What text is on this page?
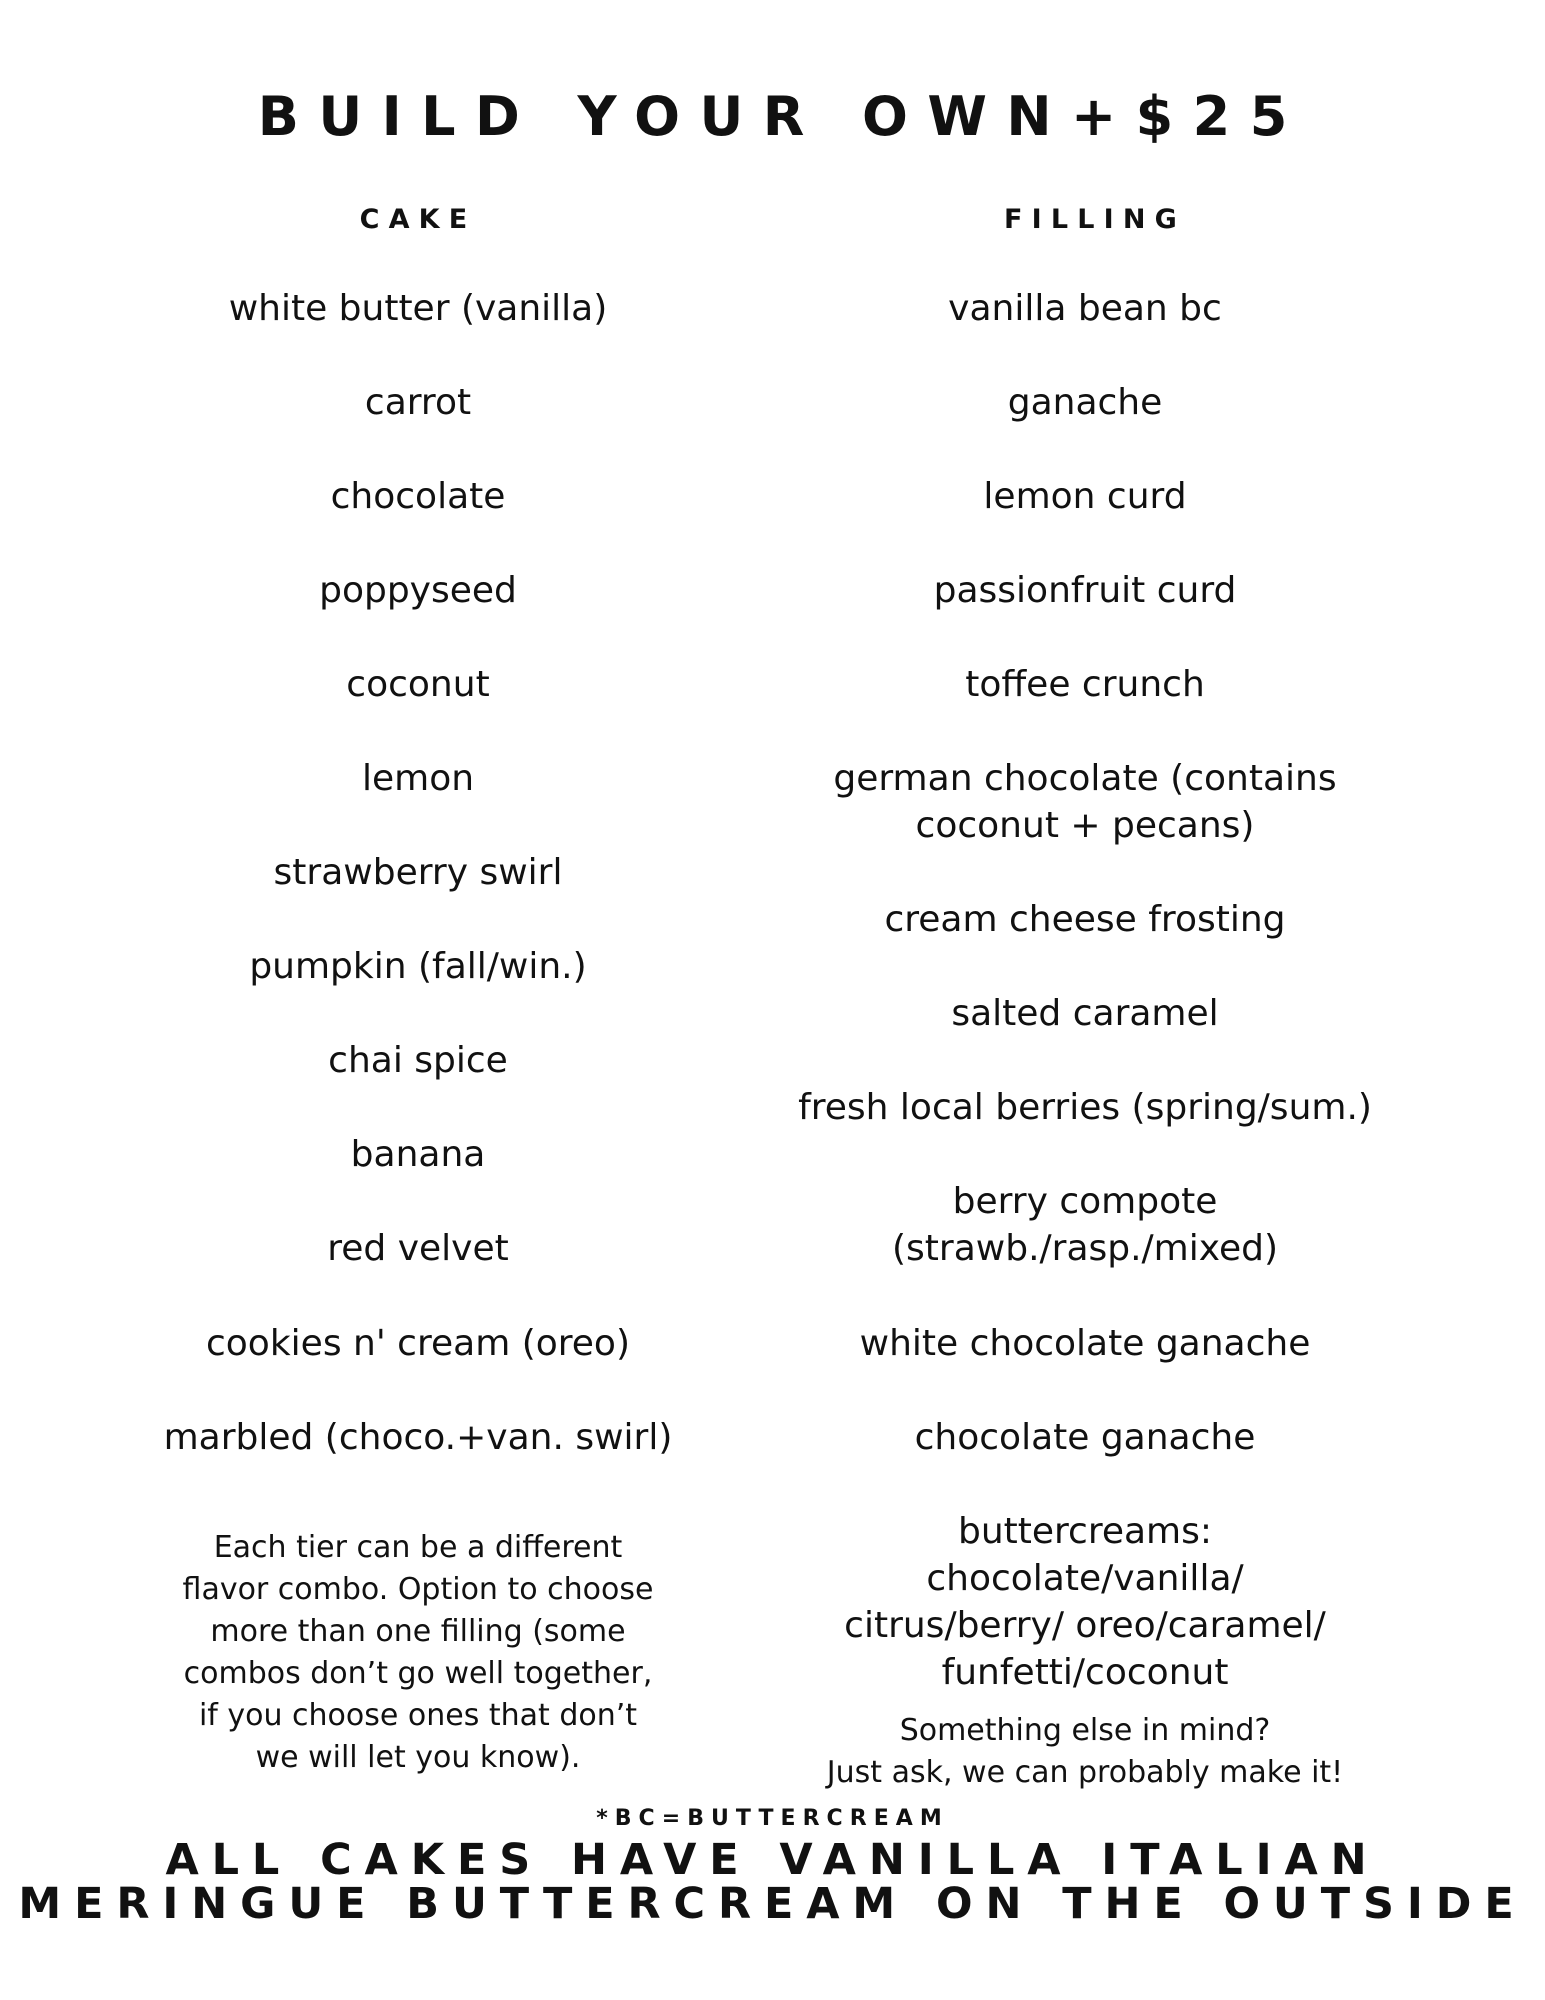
BUILD YOUR OWN+$25
CAKE	FILLING
white butter (vanilla)
carrot
chocolate
poppyseed
coconut
lemon
strawberry swirl
pumpkin (fall/win.)
chai spice
banana
red velvet
cookies n' cream (oreo)
marbled (choco.+van. swirl)
vanilla bean bc
ganache
lemon curd
passionfruit curd
toffee crunch
german chocolate (contains
coconut + pecans)
cream cheese frosting
salted caramel
fresh local berries (spring/sum.)
berry compote
(strawb./rasp./mixed)
white chocolate ganache
chocolate ganache
buttercreams:
chocolate/vanilla/
citrus/berry/ oreo/caramel/
funfetti/coconut
Each tier can be a different
flavor combo. Option to choose
more than one filling (some
combos don’t go well together,
if you choose ones that don’t
we will let you know).
Something else in mind?
Just ask, we can probably make it!
*BC=BUTTERCREAM
ALL CAKES HAVE VANILLA ITALIAN
MERINGUE BUTTERCREAM ON THE OUTSIDE
